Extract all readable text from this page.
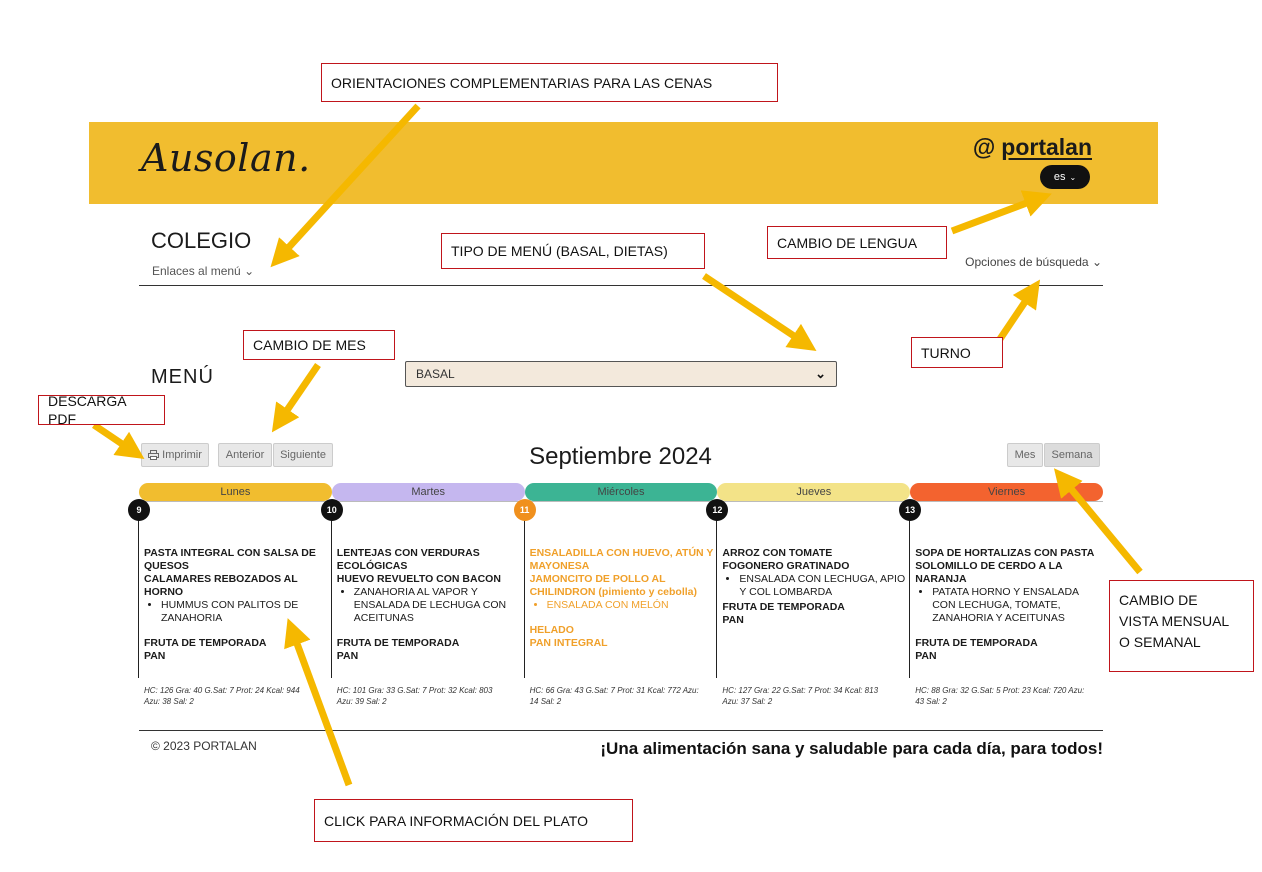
Ausolan.	@ portalan
es ⌄
COLEGIO
Enlaces al menú ⌄
Opciones de búsqueda ⌄
MENÚ	BASAL	⌄
Imprimir	Anterior	Siguiente	Septiembre 2024	Mes	Semana
Lunes
9
PASTA INTEGRAL CON SALSA DE QUESOS
CALAMARES REBOZADOS AL HORNO
• HUMMUS CON PALITOS DE ZANAHORIA
FRUTA DE TEMPORADA
PAN
HC: 126 Gra: 40 G.Sat: 7 Prot: 24 Kcal: 944 Azu: 38 Sal: 2
Martes
10
LENTEJAS CON VERDURAS ECOLÓGICAS
HUEVO REVUELTO CON BACON
• ZANAHORIA AL VAPOR Y ENSALADA DE LECHUGA CON ACEITUNAS
FRUTA DE TEMPORADA
PAN
HC: 101 Gra: 33 G.Sat: 7 Prot: 32 Kcal: 803 Azu: 39 Sal: 2
Miércoles
11
ENSALADILLA CON HUEVO, ATÚN Y MAYONESA
JAMONCITO DE POLLO AL CHILINDRON (pimiento y cebolla)
• ENSALADA CON MELÓN
HELADO
PAN INTEGRAL
HC: 66 Gra: 43 G.Sat: 7 Prot: 31 Kcal: 772 Azu: 14 Sal: 2
Jueves
12
ARROZ CON TOMATE
FOGONERO GRATINADO
• ENSALADA CON LECHUGA, APIO Y COL LOMBARDA
FRUTA DE TEMPORADA
PAN
HC: 127 Gra: 22 G.Sat: 7 Prot: 34 Kcal: 813 Azu: 37 Sal: 2
Viernes
13
SOPA DE HORTALIZAS CON PASTA
SOLOMILLO DE CERDO A LA NARANJA
• PATATA HORNO Y ENSALADA CON LECHUGA, TOMATE, ZANAHORIA Y ACEITUNAS
FRUTA DE TEMPORADA
PAN
HC: 88 Gra: 32 G.Sat: 5 Prot: 23 Kcal: 720 Azu: 43 Sal: 2
© 2023 PORTALAN	¡Una alimentación sana y saludable para cada día, para todos!
ORIENTACIONES COMPLEMENTARIAS PARA LAS CENAS
TIPO DE MENÚ (BASAL, DIETAS)
CAMBIO DE LENGUA
TURNO
CAMBIO DE MES
DESCARGA PDF
CAMBIO DE
VISTA MENSUAL
O SEMANAL
CLICK PARA INFORMACIÓN DEL PLATO
